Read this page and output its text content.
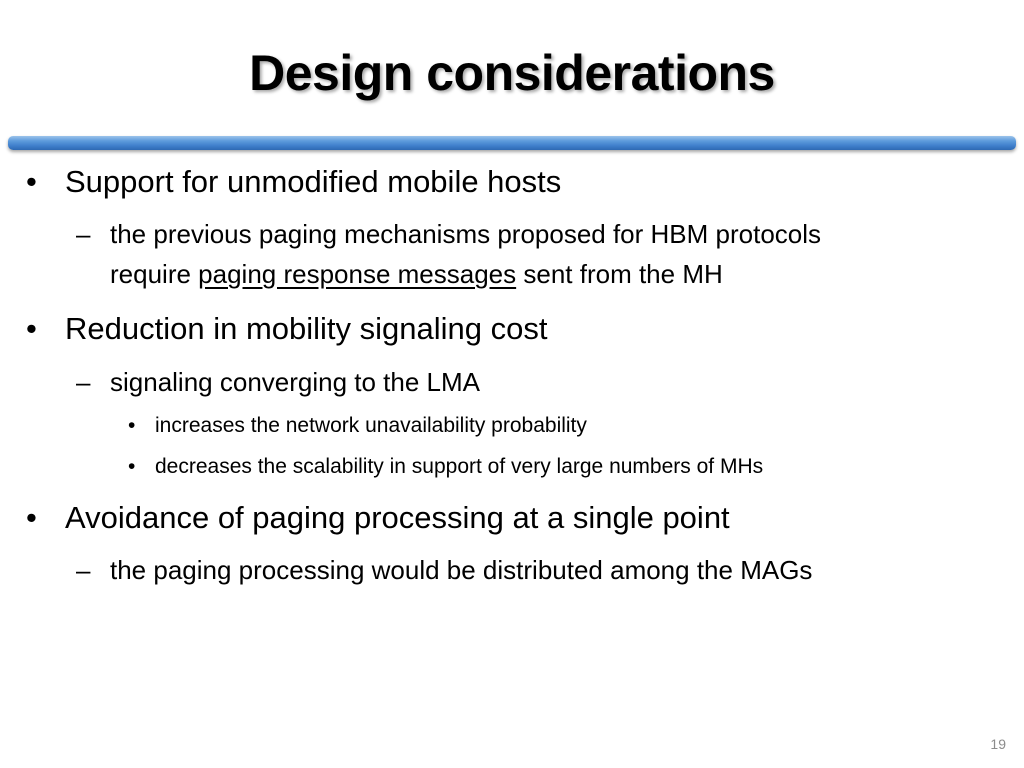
Design considerations
• Support for unmodified mobile hosts
– the previous paging mechanisms proposed for HBM protocols
require paging response messages sent from the MH
• Reduction in mobility signaling cost
– signaling converging to the LMA
• increases the network unavailability probability
• decreases the scalability in support of very large numbers of MHs
• Avoidance of paging processing at a single point
– the paging processing would be distributed among the MAGs
19
